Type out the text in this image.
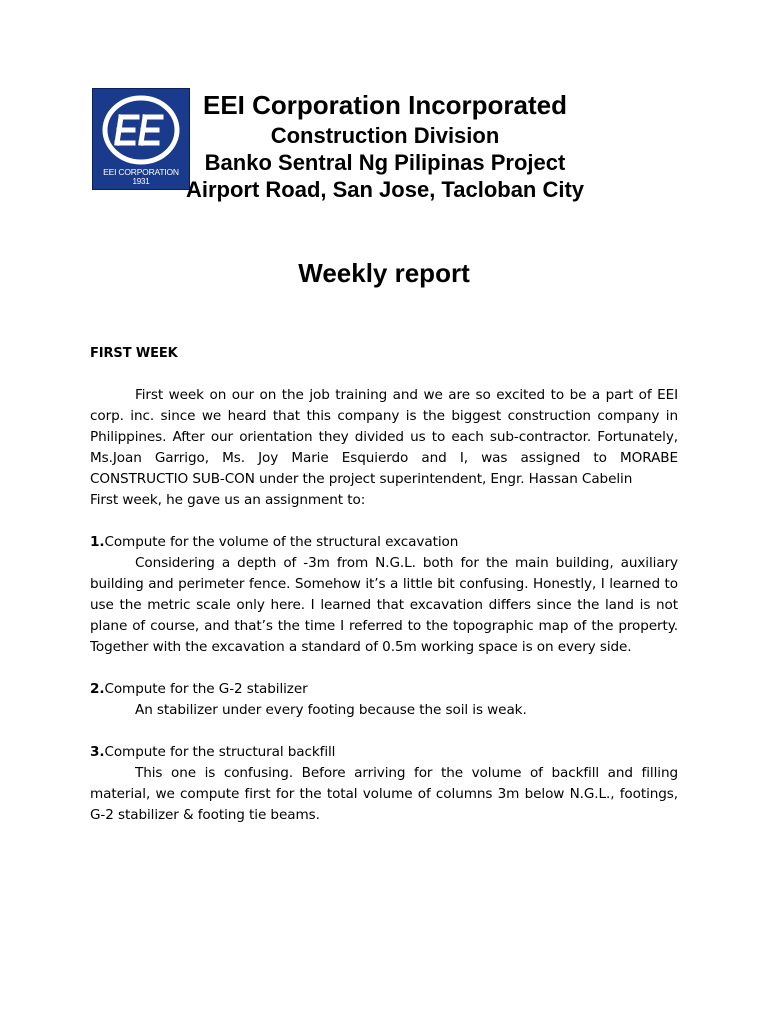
EEI CORPORATION
1931
EEI Corporation Incorporated
Construction Division
Banko Sentral Ng Pilipinas Project
Airport Road, San Jose, Tacloban City
Weekly report
FIRST WEEK

First week on our on the job training and we are so excited to be a part of EEI corp. inc. since we heard that this company is the biggest construction company in Philippines. After our orientation they divided us to each sub-contractor. Fortunately, Ms.Joan Garrigo, Ms. Joy Marie Esquierdo and I, was assigned to MORABE CONSTRUCTIO SUB-CON under the project superintendent, Engr. Hassan Cabelin

First week, he gave us an assignment to:

1.Compute for the volume of the structural excavation

Considering a depth of -3m from N.G.L. both for the main building, auxiliary building and perimeter fence. Somehow it’s a little bit confusing. Honestly, I learned to use the metric scale only here. I learned that excavation differs since the land is not plane of course, and that’s the time I referred to the topographic map of the property. Together with the excavation a standard of 0.5m working space is on every side.

2.Compute for the G-2 stabilizer

An stabilizer under every footing because the soil is weak.

3.Compute for the structural backfill

This one is confusing. Before arriving for the volume of backfill and filling material, we compute first for the total volume of columns 3m below N.G.L., footings, G-2 stabilizer & footing tie beams.
